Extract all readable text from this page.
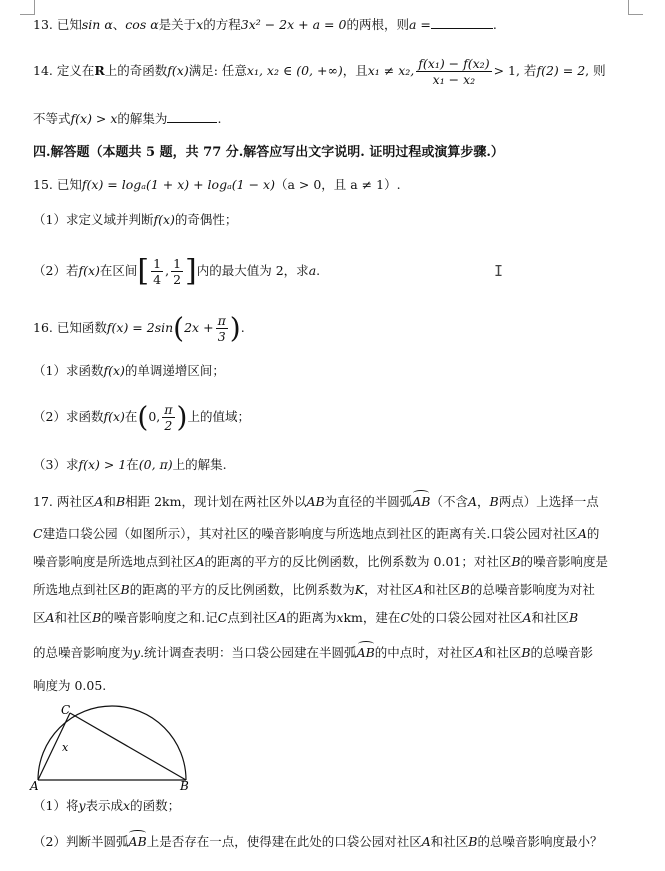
13. 已知sin α、cos α是关于x的方程3x² − 2x + a = 0的两根，则a =	.
14. 定义在R上的奇函数f(x)满足: 任意x₁, x₂ ∈ (0, +∞)，且x₁ ≠ x₂, $\frac{\text{f(x₁) − f(x₂)}}{\text{x₁ − x₂}} > 1$, 若f(2) = 2, 则
不等式f(x) > x的解集为	.
四.解答题（本题共 5 题，共 77 分.解答应写出文字说明. 证明过程或演算步骤.）
15. 已知f(x) = logₐ(1 + x) + logₐ(1 − x)（a > 0，且 a ≠ 1）.
（1）求定义域并判断f(x)的奇偶性；
（2）若f(x)在区间[ $\frac{1}{4}$ , $\frac{1}{2}$ ]内的最大值为 2，求a.	I
16. 已知函数$f(x) = 2\sin(2x + \frac{\pi}{3}$ ).
（1）求函数f(x)的单调递增区间；
（2）求函数f(x)在(0, $\frac{\pi}{2}$ )上的值域；
（3）求f(x) > 1在(0, π)上的解集.
17. 两社区A和B相距 2km，现计划在两社区外以AB为直径的半圆弧AB（不含A，B两点）上选择一点
C建造口袋公园（如图所示），其对社区的噪音影响度与所选地点到社区的距离有关.口袋公园对社区A的
噪音影响度是所选地点到社区A的距离的平方的反比例函数，比例系数为 0.01；对社区B的噪音影响度是
所选地点到社区B的距离的平方的反比例函数，比例系数为K，对社区A和社区B的总噪音影响度为对社
区A和社区B的噪音影响度之和.记C点到社区A的距离为xkm，建在C处的口袋公园对社区A和社区B
的总噪音影响度为y.统计调查表明：当口袋公园建在半圆弧AB的中点时，对社区A和社区B的总噪音影
响度为 0.05.
C
x
A	B
（1）将y表示成x的函数；
（2）判断半圆弧AB上是否存在一点，使得建在此处的口袋公园对社区A和社区B的总噪音影响度最小？
